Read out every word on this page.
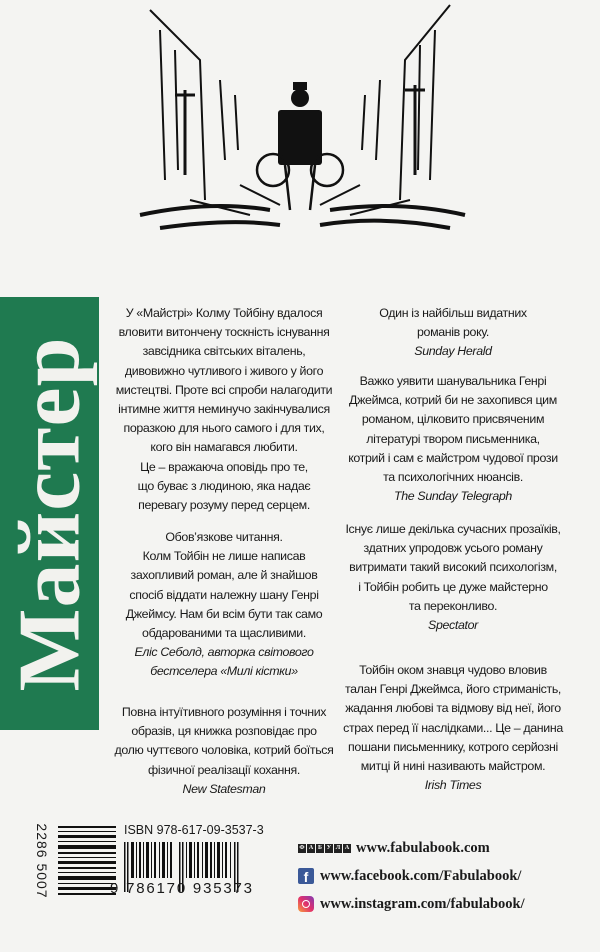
Майстер
У «Майстрі» Колму Тойбіну вдалося
вловити витончену тоскність існування
завсідника світських віталень,
дивовижно чутливого і живого у його
мистецтві. Проте всі спроби налагодити
інтимне життя неминучо закінчувалися
поразкою для нього самого і для тих,
кого він намагався любити.
Це – вражаюча оповідь про те,
що буває з людиною, яка надає
перевагу розуму перед серцем.
Обов’язкове читання.
Колм Тойбін не лише написав
захопливий роман, але й знайшов
спосіб віддати належну шану Генрі
Джеймсу. Нам би всім бути так само
обдарованими та щасливими.
Еліс Себолд, авторка світового
бестселера «Милі кістки»
Повна інтуїтивного розуміння і точних
образів, ця книжка розповідає про
долю чуттєвого чоловіка, котрий боїться
фізичної реалізації кохання.
New Statesman
Один із найбільш видатних
романів року.
Sunday Herald
Важко уявити шанувальника Генрі
Джеймса, котрий би не захопився цим
романом, цілковито присвяченим
літературі твором письменника,
котрий і сам є майстром чудової прози
та психологічних нюансів.
The Sunday Telegraph
Існує лише декілька сучасних прозаїків,
здатних упродовж усього роману
витримати такий високий психологізм,
і Тойбін робить це дуже майстерно
та переконливо.
Spectator
Тойбін оком знавця чудово вловив
талан Генрі Джеймса, його стриманість,
жадання любові та відмову від неї, його
страх перед її наслідками... Це – данина
пошани письменнику, котрого серйозні
митці й нині називають майстром.
Irish Times
2286 5007	ISBN 978-617-09-3537-3
9 786170 935373
Ф А Б У Л А www.fabulabook.com
f www.facebook.com/Fabulabook/
www.instagram.com/fabulabook/
